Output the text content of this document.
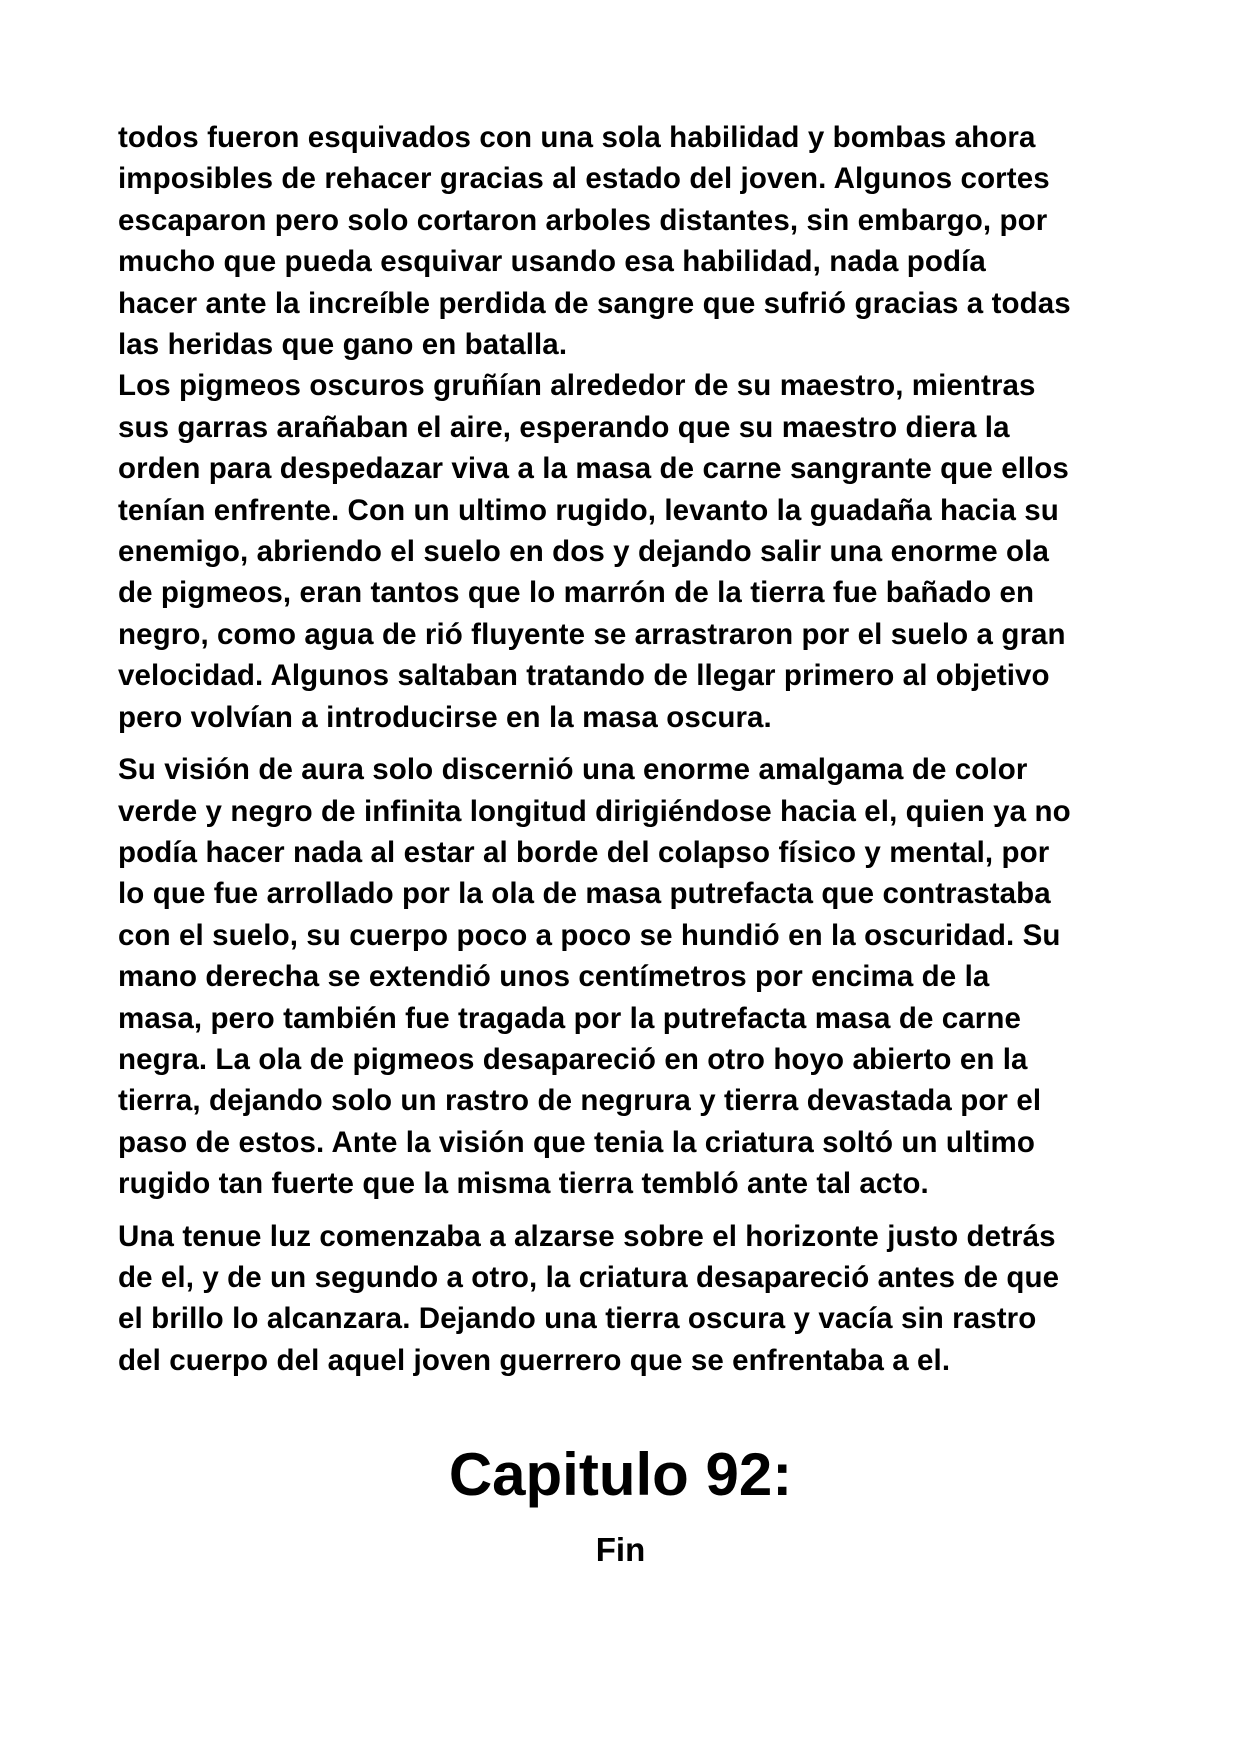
todos fueron esquivados con una sola habilidad y bombas ahora
imposibles de rehacer gracias al estado del joven. Algunos cortes
escaparon pero solo cortaron arboles distantes, sin embargo, por
mucho que pueda esquivar usando esa habilidad, nada podía
hacer ante la increíble perdida de sangre que sufrió gracias a todas
las heridas que gano en batalla.
Los pigmeos oscuros gruñían alrededor de su maestro, mientras
sus garras arañaban el aire, esperando que su maestro diera la
orden para despedazar viva a la masa de carne sangrante que ellos
tenían enfrente. Con un ultimo rugido, levanto la guadaña hacia su
enemigo, abriendo el suelo en dos y dejando salir una enorme ola
de pigmeos, eran tantos que lo marrón de la tierra fue bañado en
negro, como agua de rió fluyente se arrastraron por el suelo a gran
velocidad. Algunos saltaban tratando de llegar primero al objetivo
pero volvían a introducirse en la masa oscura.
Su visión de aura solo discernió una enorme amalgama de color
verde y negro de infinita longitud dirigiéndose hacia el, quien ya no
podía hacer nada al estar al borde del colapso físico y mental, por
lo que fue arrollado por la ola de masa putrefacta que contrastaba
con el suelo, su cuerpo poco a poco se hundió en la oscuridad. Su
mano derecha se extendió unos centímetros por encima de la
masa, pero también fue tragada por la putrefacta masa de carne
negra. La ola de pigmeos desapareció en otro hoyo abierto en la
tierra, dejando solo un rastro de negrura y tierra devastada por el
paso de estos. Ante la visión que tenia la criatura soltó un ultimo
rugido tan fuerte que la misma tierra tembló ante tal acto.
Una tenue luz comenzaba a alzarse sobre el horizonte justo detrás
de el, y de un segundo a otro, la criatura desapareció antes de que
el brillo lo alcanzara. Dejando una tierra oscura y vacía sin rastro
del cuerpo del aquel joven guerrero que se enfrentaba a el.
Capitulo 92:
Fin
